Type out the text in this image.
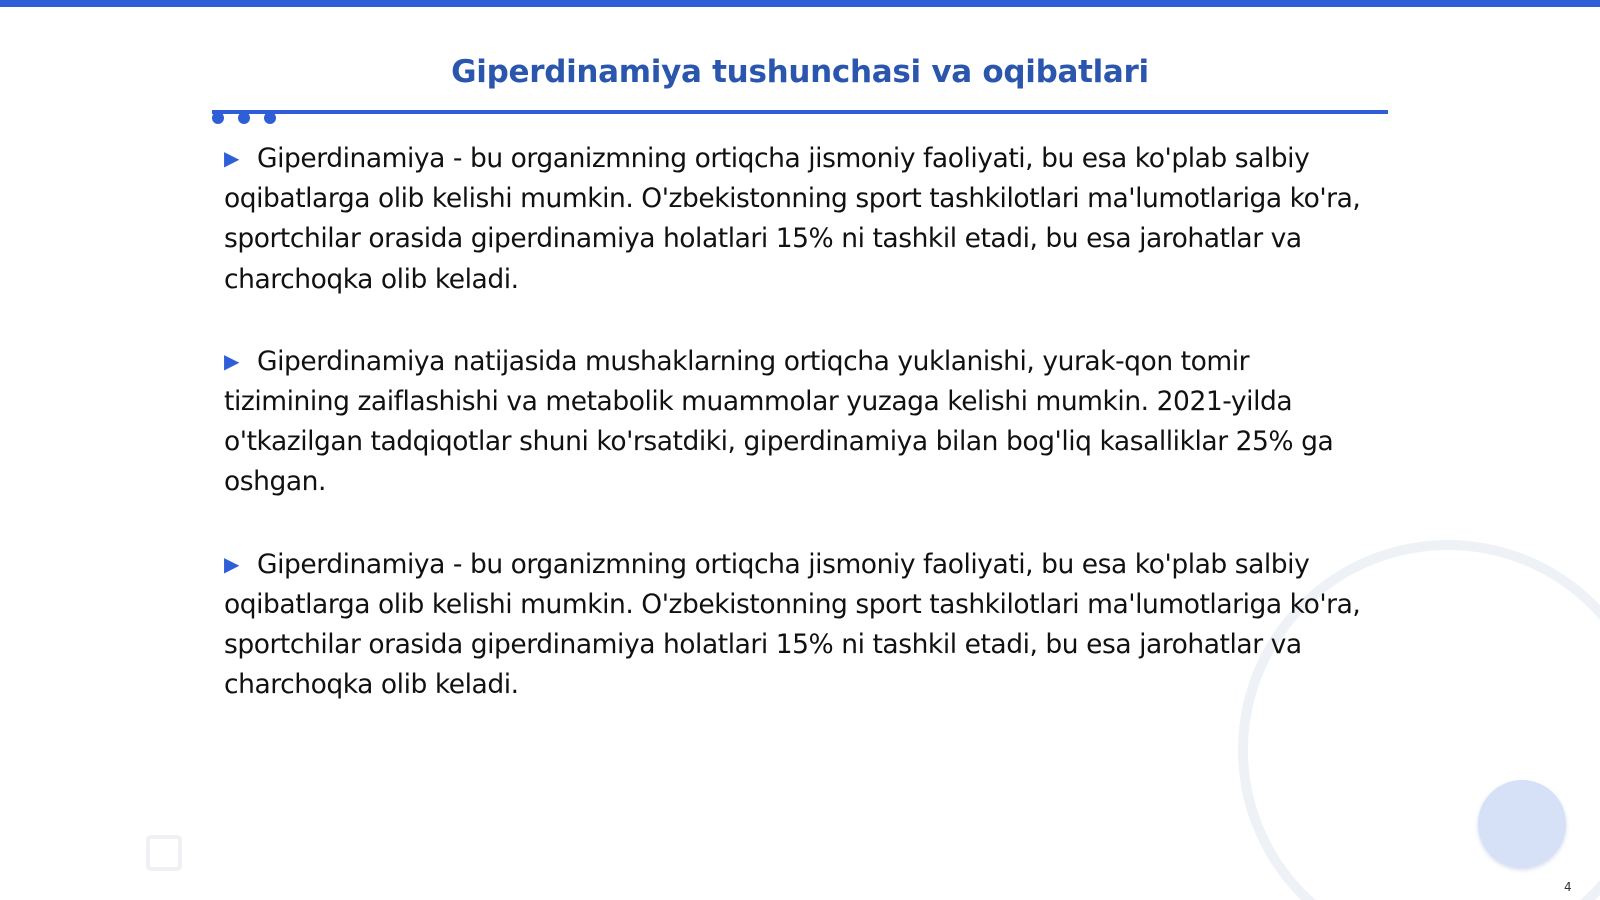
Giperdinamiya tushunchasi va oqibatlari

▶ Giperdinamiya - bu organizmning ortiqcha jismoniy faoliyati, bu esa ko'plab salbiy oqibatlarga olib kelishi mumkin. O'zbekistonning sport tashkilotlari ma'lumotlariga ko'ra, sportchilar orasida giperdinamiya holatlari 15% ni tashkil etadi, bu esa jarohatlar va charchoqka olib keladi.

▶ Giperdinamiya natijasida mushaklarning ortiqcha yuklanishi, yurak-qon tomir tizimining zaiflashishi va metabolik muammolar yuzaga kelishi mumkin. 2021-yilda o'tkazilgan tadqiqotlar shuni ko'rsatdiki, giperdinamiya bilan bog'liq kasalliklar 25% ga oshgan.

▶ Giperdinamiya - bu organizmning ortiqcha jismoniy faoliyati, bu esa ko'plab salbiy oqibatlarga olib kelishi mumkin. O'zbekistonning sport tashkilotlari ma'lumotlariga ko'ra, sportchilar orasida giperdinamiya holatlari 15% ni tashkil etadi, bu esa jarohatlar va charchoqka olib keladi.

4
